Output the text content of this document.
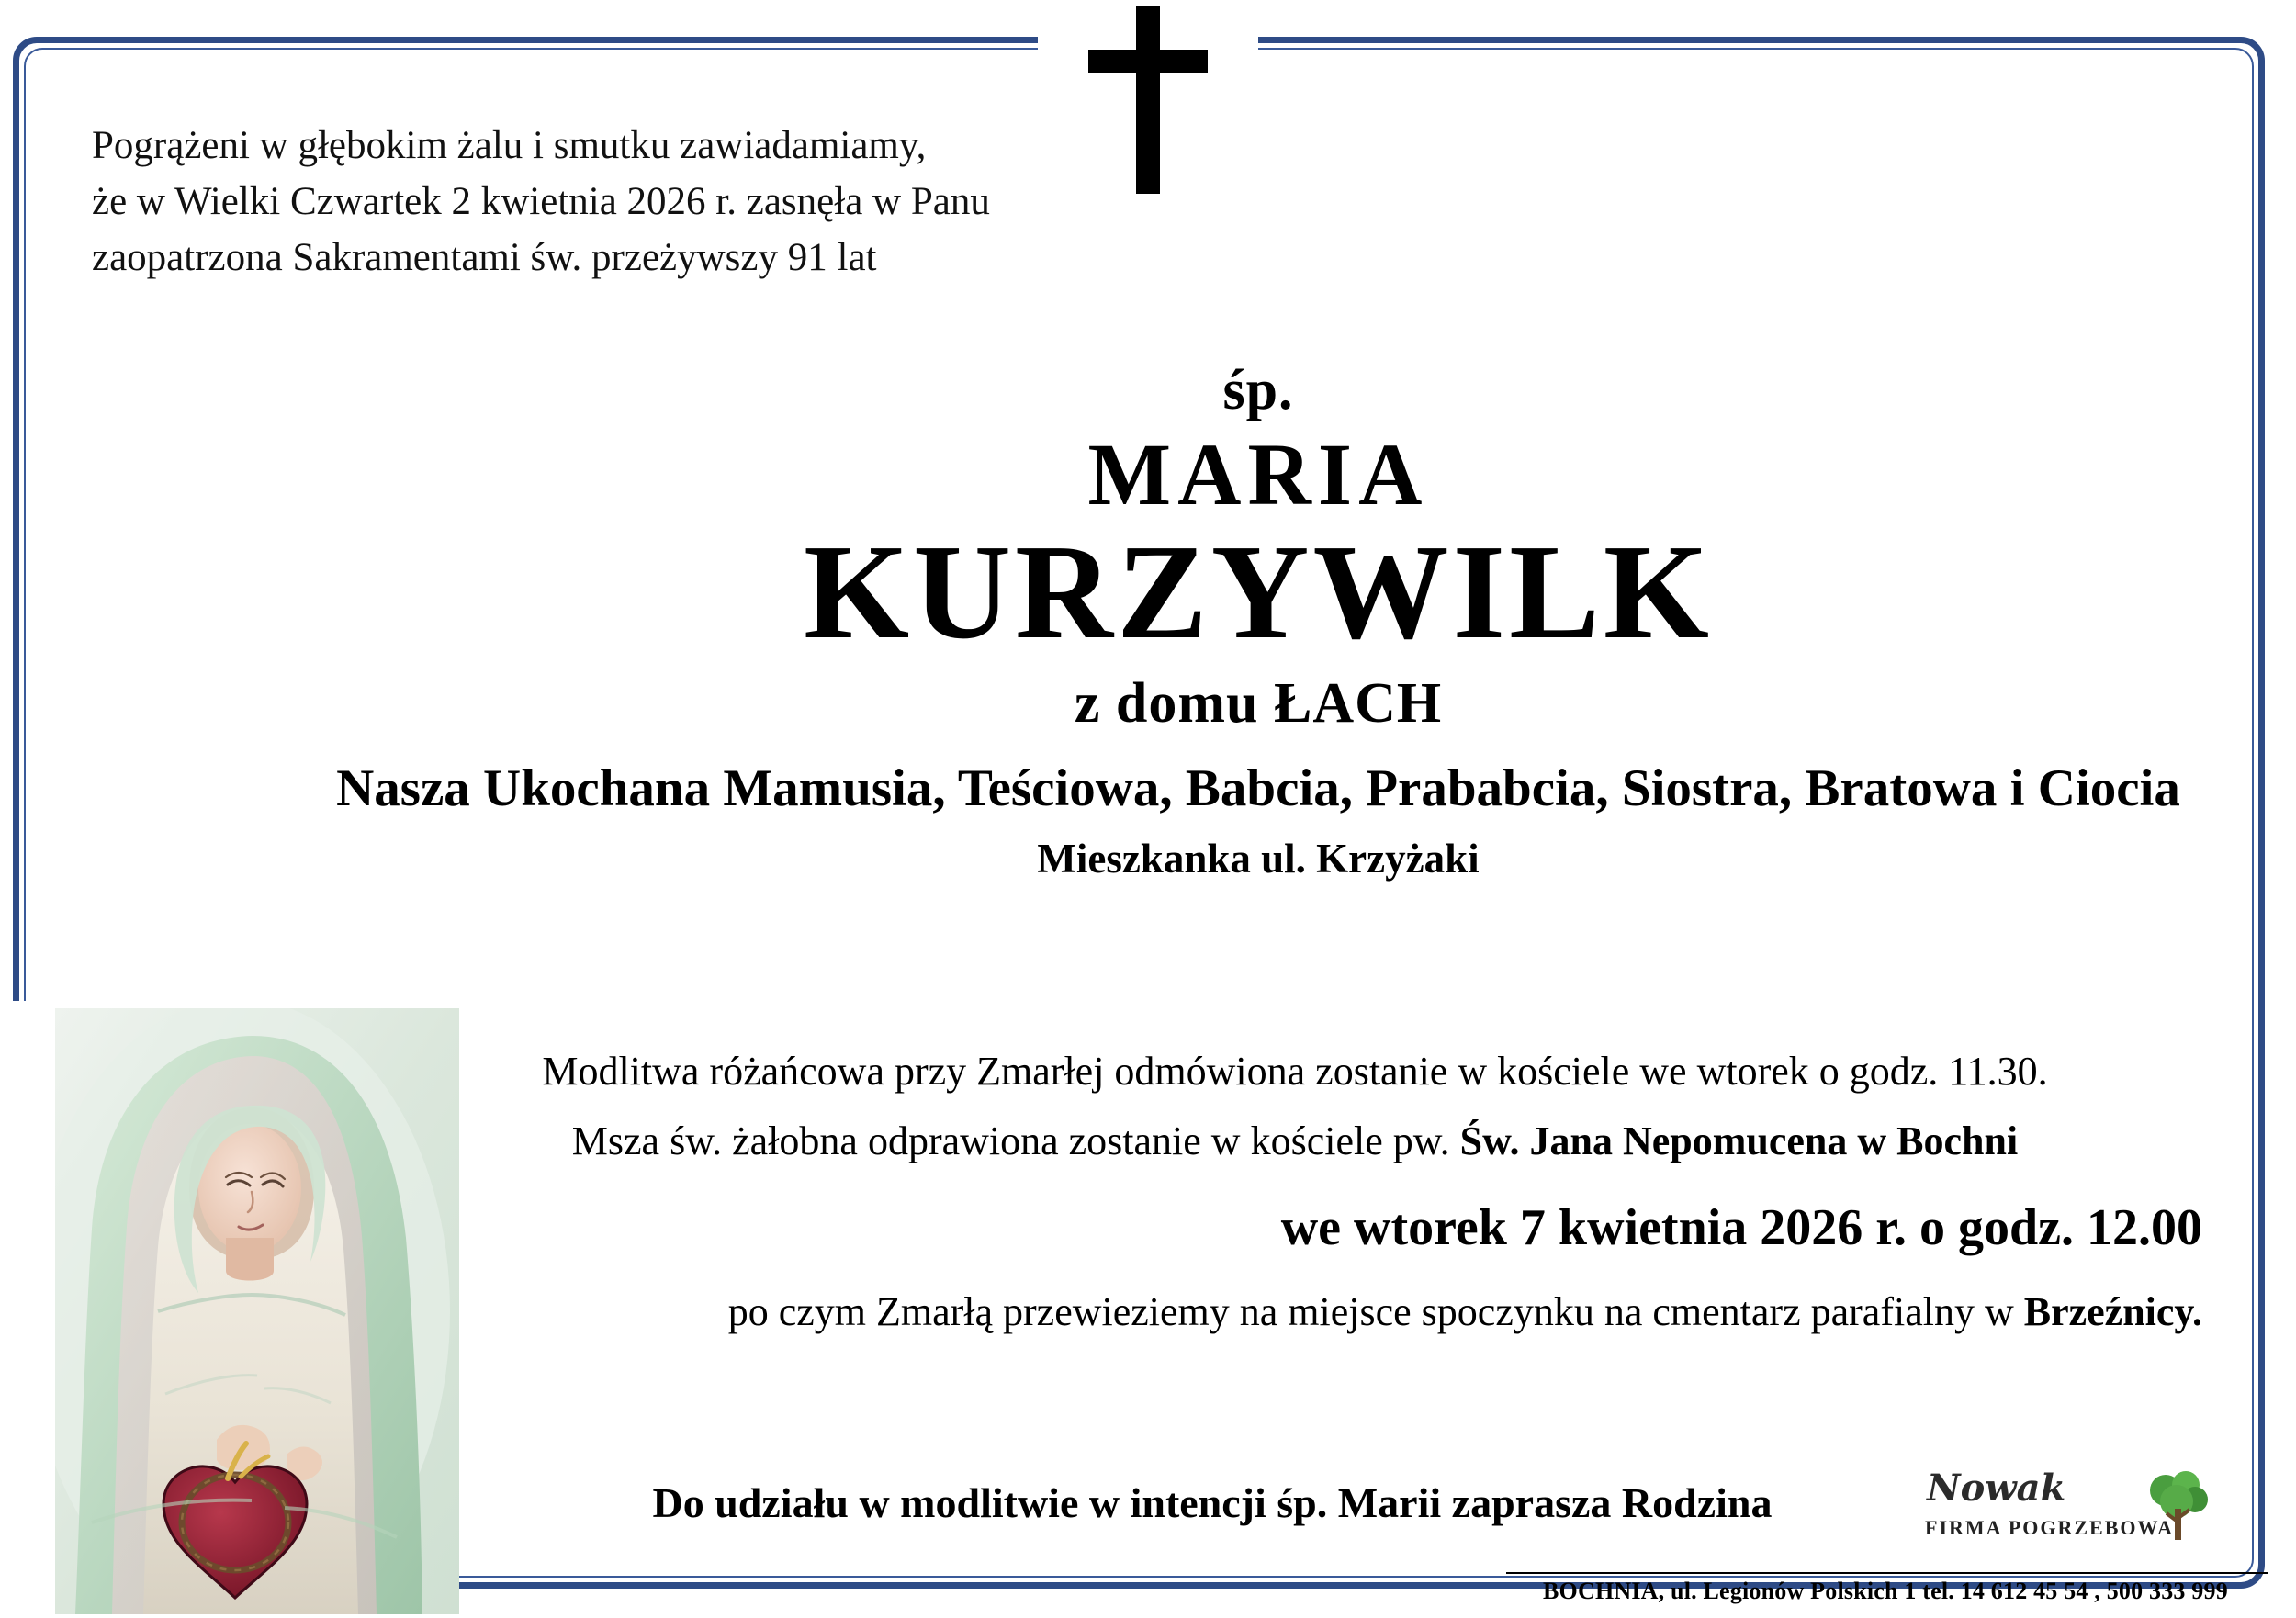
Pogrążeni w głębokim żalu i smutku zawiadamiamy,
że w Wielki Czwartek 2 kwietnia 2026 r. zasnęła w Panu
zaopatrzona Sakramentami św. przeżywszy 91 lat
śp.
MARIA
KURZYWILK
z domu ŁACH
Nasza Ukochana Mamusia, Teściowa, Babcia, Prababcia, Siostra, Bratowa i Ciocia
Mieszkanka ul. Krzyżaki
Modlitwa różańcowa przy Zmarłej odmówiona zostanie w kościele we wtorek o godz. 11.30.
Msza św. żałobna odprawiona zostanie w kościele pw. Św. Jana Nepomucena w Bochni
we wtorek 7 kwietnia 2026 r. o godz. 12.00
po czym Zmarłą przewieziemy na miejsce spoczynku na cmentarz parafialny w Brzeźnicy.
Do udziału w modlitwie w intencji śp. Marii zaprasza Rodzina	Nowak
FIRMA POGRZEBOWA
BOCHNIA, ul. Legionów Polskich 1 tel. 14 612 45 54 , 500 333 999
